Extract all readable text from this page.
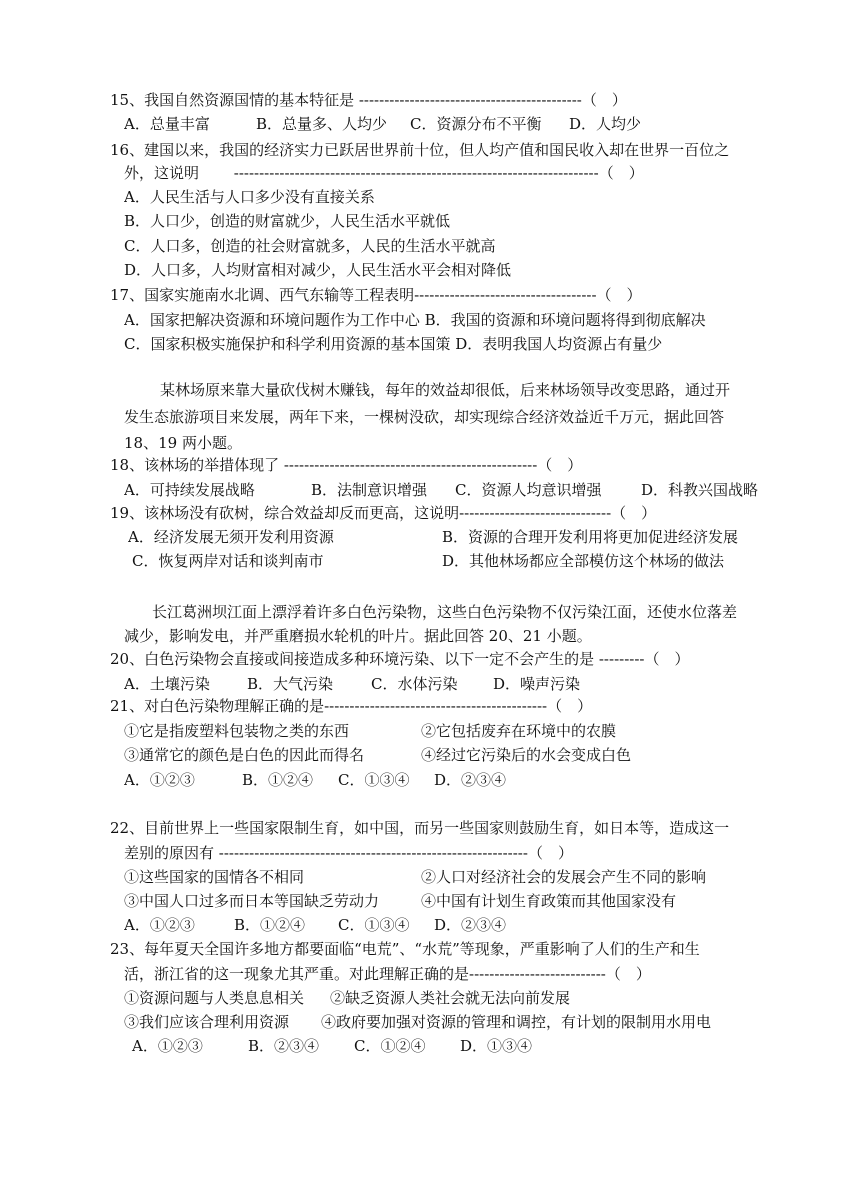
15、我国自然资源国情的基本特征是 --------------------------------------------（　）
A．总量丰富	B．总量多、人均少 C．资源分布不平衡 D．人均少
16、建国以来，我国的经济实力已跃居世界前十位，但人均产值和国民收入却在世界一百位之
外，这说明　　 ------------------------------------------------------------------------（　）
A．人民生活与人口多少没有直接关系
B．人口少，创造的财富就少，人民生活水平就低
C．人口多，创造的社会财富就多，人民的生活水平就高
D．人口多，人均财富相对减少，人民生活水平会相对降低
17、国家实施南水北调、西气东输等工程表明------------------------------------（　）
A．国家把解决资源和环境问题作为工作中心 B．我国的资源和环境问题将得到彻底解决
C．国家积极实施保护和科学利用资源的基本国策 D．表明我国人均资源占有量少
某林场原来靠大量砍伐树木赚钱，每年的效益却很低，后来林场领导改变思路，通过开
发生态旅游项目来发展，两年下来，一棵树没砍，却实现综合经济效益近千万元，据此回答
18、19 两小题。
18、该林场的举措体现了 --------------------------------------------------（　）
A．可持续发展战略	B．法制意识增强 C．资源人均意识增强	D．科教兴国战略
19、该林场没有砍树，综合效益却反而更高，这说明------------------------------（　）
A．经济发展无须开发利用资源	B．资源的合理开发利用将更加促进经济发展
C．恢复两岸对话和谈判南市	D．其他林场都应全部模仿这个林场的做法
长江葛洲坝江面上漂浮着许多白色污染物，这些白色污染物不仅污染江面，还使水位落差
减少，影响发电，并严重磨损水轮机的叶片。据此回答 20、21 小题。
20、白色污染物会直接或间接造成多种环境污染、以下一定不会产生的是 ---------（　）
A．土壤污染 B．大气污染	C．水体污染 D．噪声污染
21、对白色污染物理解正确的是--------------------------------------------（　）
①它是指废塑料包装物之类的东西	②它包括废弃在环境中的农膜
③通常它的颜色是白色的因此而得名	④经过它污染后的水会变成白色
A．①②③	B．①②④ C．①③④ D．②③④
22、目前世界上一些国家限制生育，如中国，而另一些国家则鼓励生育，如日本等，造成这一
差别的原因有 -------------------------------------------------------------（　）
①这些国家的国情各不相同	②人口对经济社会的发展会产生不同的影响
③中国人口过多而日本等国缺乏劳动力	④中国有计划生育政策而其他国家没有
A．①②③	B．①②④ C．①③④ D．②③④
23、每年夏天全国许多地方都要面临“电荒”、“水荒”等现象，严重影响了人们的生产和生
活，浙江省的这一现象尤其严重。对此理解正确的是---------------------------（　）
①资源问题与人类息息相关 ②缺乏资源人类社会就无法向前发展
③我们应该合理利用资源 ④政府要加强对资源的管理和调控，有计划的限制用水用电
A．①②③	B．②③④ C．①②④ D．①③④
